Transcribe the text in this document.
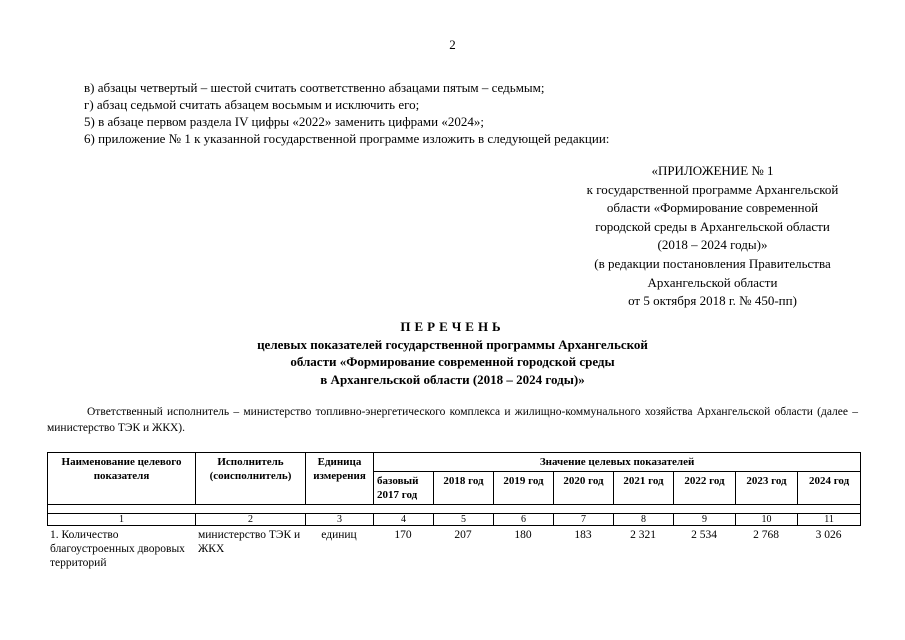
2
в) абзацы четвертый – шестой считать соответственно абзацами пятым – седьмым;
г) абзац седьмой считать абзацем восьмым и исключить его;
5) в абзаце первом раздела IV цифры «2022» заменить цифрами «2024»;
6) приложение № 1 к указанной государственной программе изложить в следующей редакции:
«ПРИЛОЖЕНИЕ № 1
к государственной программе Архангельской
области «Формирование современной
городской среды в Архангельской области
(2018 – 2024 годы)»
(в редакции постановления Правительства
Архангельской области
от 5 октября 2018 г. № 450-пп)
ПЕРЕЧЕНЬ
целевых показателей государственной программы Архангельской
области «Формирование современной городской среды
в Архангельской области (2018 – 2024 годы)»
Ответственный исполнитель – министерство топливно-энергетического комплекса и жилищно-коммунального хозяйства Архангельской области (далее – министерство ТЭК и ЖКХ).
Наименование целевого показателя	Исполнитель (соисполнитель)	Единица измерения	Значение целевых показателей							
			базовый 2017 год	2018 год	2019 год	2020 год	2021 год	2022 год	2023 год	2024 год

1	2	3	4	5	6	7	8	9	10	11
1. Количество благоустроенных дворовых территорий	министерство ТЭК и ЖКХ	единиц	170	207	180	183	2 321	2 534	2 768	3 026
